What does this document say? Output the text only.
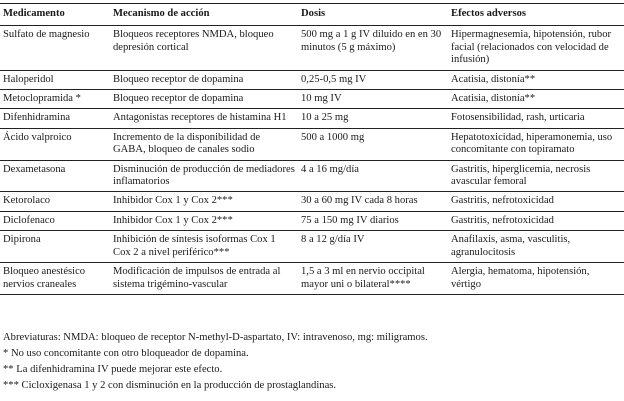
Medicamento	Mecanismo de acción	Dosis	Efectos adversos
Sulfato de magnesio	Bloqueos receptores NMDA, bloqueo depresión cortical	500 mg a 1 g IV diluido en en 30 minutos (5 g máximo)	Hipermagnesemia, hipotensión, rubor facial (relacionados con velocidad de infusión)
Haloperidol	Bloqueo receptor de dopamina	0,25-0,5 mg IV	Acatisia, distonía**
Metoclopramida *	Bloqueo receptor de dopamina	10 mg IV	Acatisia, distonía**
Difenhidramina	Antagonistas receptores de histamina H1	10 a 25 mg	Fotosensibilidad, rash, urticaria
Ácido valproico	Incremento de la disponibilidad de GABA, bloqueo de canales sodio	500 a 1000 mg	Hepatotoxicidad, hiperamonemia, uso concomitante con topiramato
Dexametasona	Disminución de producción de mediadores inflamatorios	4 a 16 mg/día	Gastritis, hiperglicemia, necrosis avascular femoral
Ketorolaco	Inhibidor Cox 1 y Cox 2***	30 a 60 mg IV cada 8 horas	Gastritis, nefrotoxicidad
Diclofenaco	Inhibidor Cox 1 y Cox 2***	75 a 150 mg IV diarios	Gastritis, nefrotoxicidad
Dipirona	Inhibición de síntesis isoformas Cox 1 Cox 2 a nivel periférico***	8 a 12 g/día IV	Anafilaxis, asma, vasculitis, agranulocitosis
Bloqueo anestésico nervios craneales	Modificación de impulsos de entrada al sistema trigémino-vascular	1,5 a 3 ml en nervio occipital mayor uni o bilateral****	Alergia, hematoma, hipotensión, vértigo
Abreviaturas: NMDA: bloqueo de receptor N-methyl-D-aspartato, IV: intravenoso, mg: miligramos.
* No uso concomitante con otro bloqueador de dopamina.
** La difenhidramina IV puede mejorar este efecto.
*** Cicloxigenasa 1 y 2 con disminución en la producción de prostaglandinas.
